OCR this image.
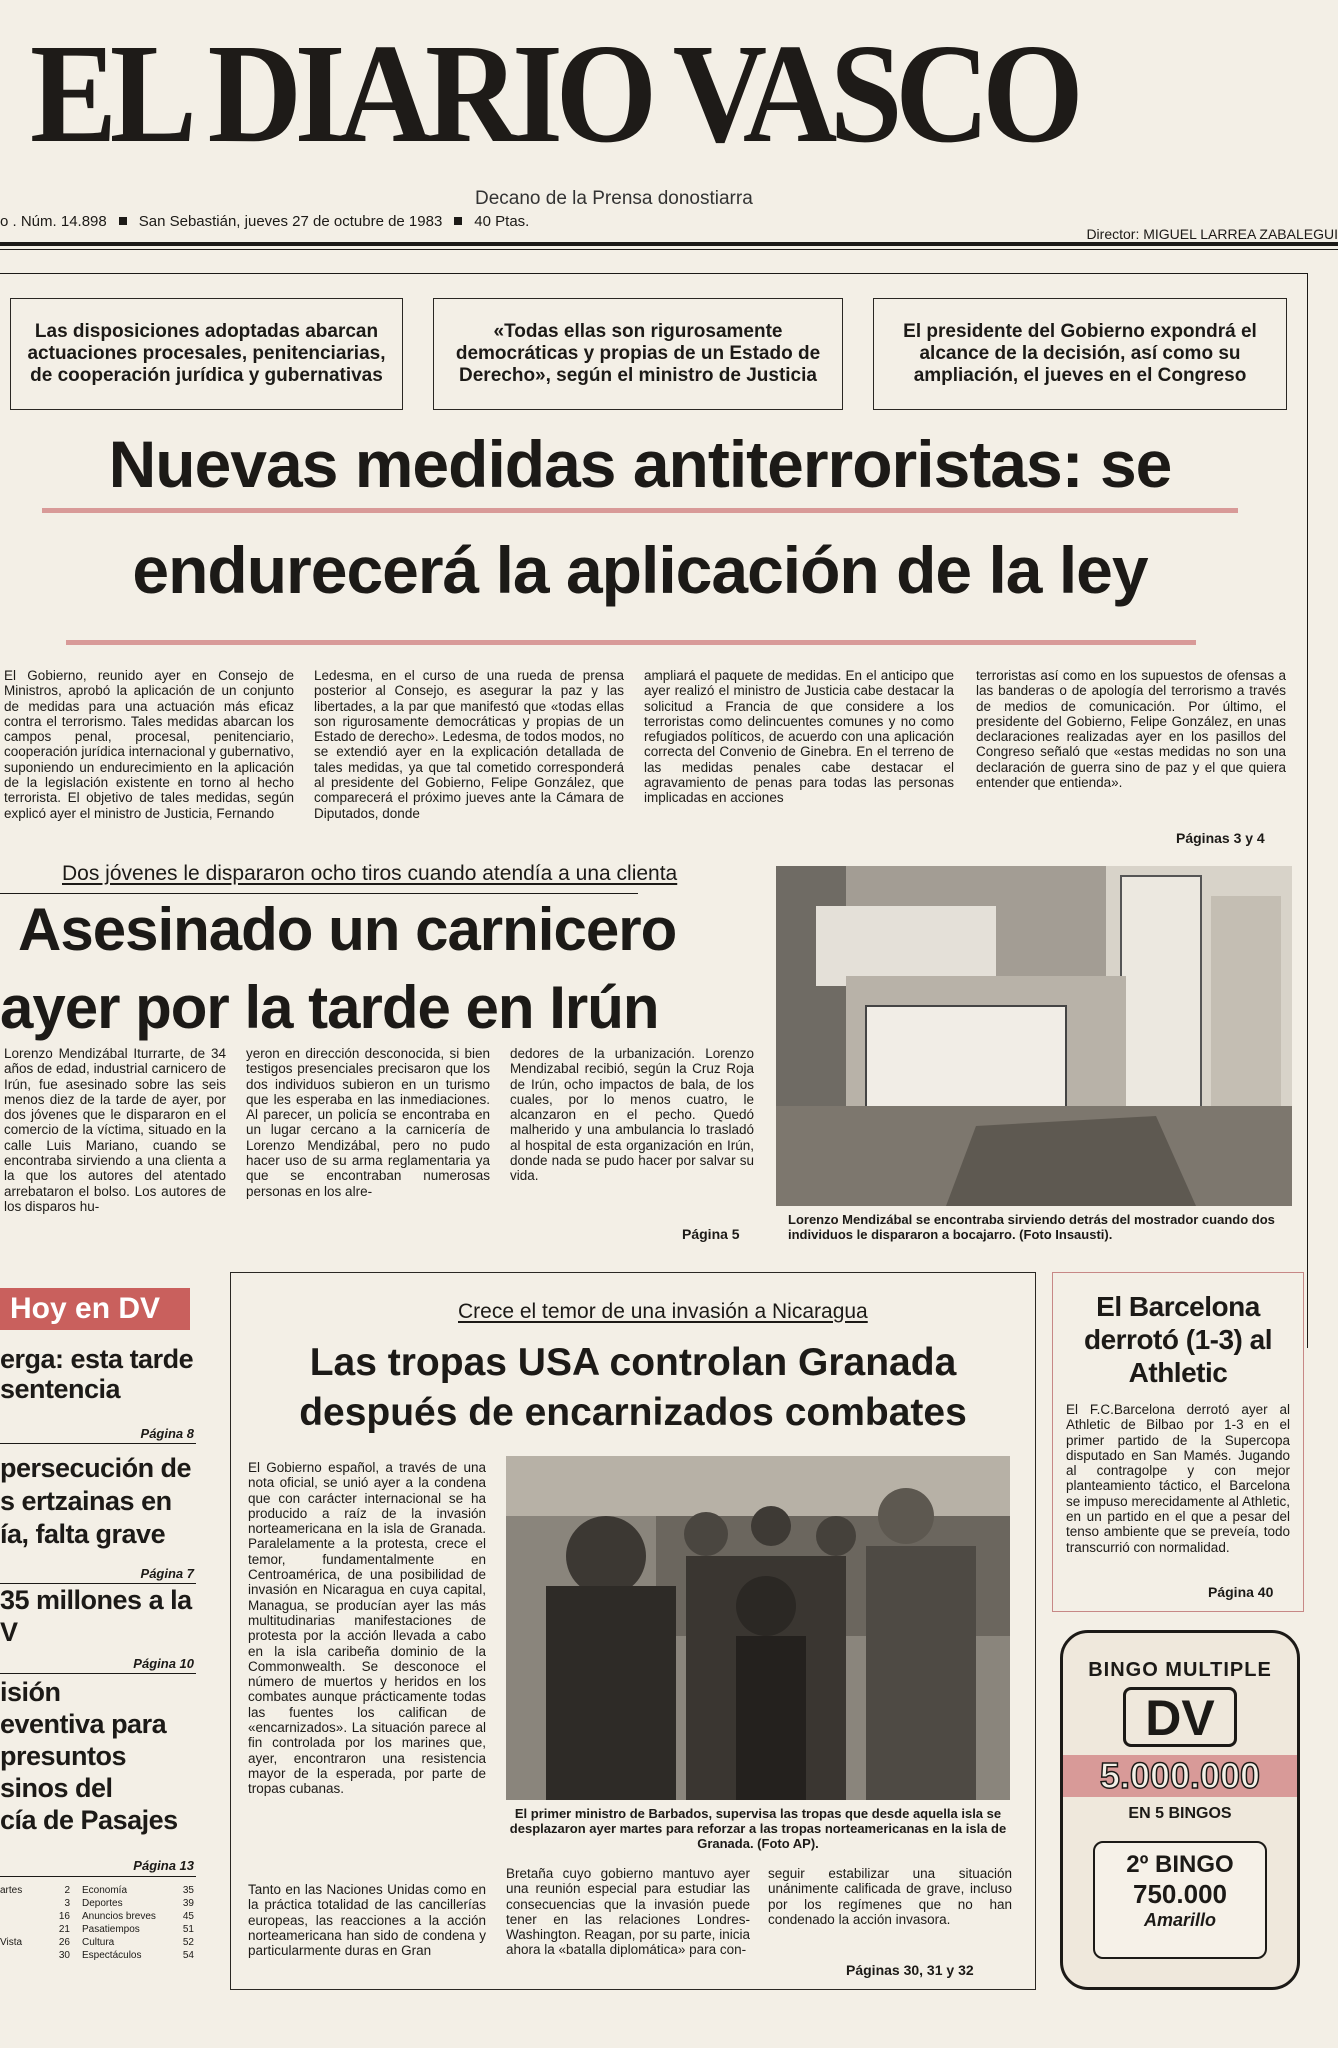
EL DIARIO VASCO
Decano de la Prensa donostiarra
o . Núm. 14.898 San Sebastián, jueves 27 de octubre de 1983 40 Ptas.
Director: MIGUEL LARREA ZABALEGUI
Las disposiciones adoptadas abarcan actuaciones procesales, penitenciarias, de cooperación jurídica y gubernativas
«Todas ellas son rigurosamente democráticas y propias de un Estado de Derecho», según el ministro de Justicia
El presidente del Gobierno expondrá el alcance de la decisión, así como su ampliación, el jueves en el Congreso
Nuevas medidas antiterroristas: se
endurecerá la aplicación de la ley
El Gobierno, reunido ayer en Consejo de Ministros, aprobó la aplicación de un conjunto de medidas para una actuación más eficaz contra el terrorismo. Tales medidas abarcan los campos penal, procesal, penitenciario, cooperación jurídica internacional y gubernativo, suponiendo un endurecimiento en la aplicación de la legislación existente en torno al hecho terrorista. El objetivo de tales medidas, según explicó ayer el ministro de Justicia, Fernando
Ledesma, en el curso de una rueda de prensa posterior al Consejo, es asegurar la paz y las libertades, a la par que manifestó que «todas ellas son rigurosamente democráticas y propias de un Estado de derecho». Ledesma, de todos modos, no se extendió ayer en la explicación detallada de tales medidas, ya que tal cometido corresponderá al presidente del Gobierno, Felipe González, que comparecerá el próximo jueves ante la Cámara de Diputados, donde
ampliará el paquete de medidas. En el anticipo que ayer realizó el ministro de Justicia cabe destacar la solicitud a Francia de que considere a los terroristas como delincuentes comunes y no como refugiados políticos, de acuerdo con una aplicación correcta del Convenio de Ginebra. En el terreno de las medidas penales cabe destacar el agravamiento de penas para todas las personas implicadas en acciones
terroristas así como en los supuestos de ofensas a las banderas o de apología del terrorismo a través de medios de comunicación. Por último, el presidente del Gobierno, Felipe González, en unas declaraciones realizadas ayer en los pasillos del Congreso señaló que «estas medidas no son una declaración de guerra sino de paz y el que quiera entender que entienda».
Páginas 3 y 4
Dos jóvenes le dispararon ocho tiros cuando atendía a una clienta
Asesinado un carnicero
ayer por la tarde en Irún
Lorenzo Mendizábal Iturrarte, de 34 años de edad, industrial carnicero de Irún, fue asesinado sobre las seis menos diez de la tarde de ayer, por dos jóvenes que le dispararon en el comercio de la víctima, situado en la calle Luis Mariano, cuando se encontraba sirviendo a una clienta a la que los autores del atentado arrebataron el bolso. Los autores de los disparos hu-
yeron en dirección desconocida, si bien testigos presenciales precisaron que los dos individuos subieron en un turismo que les esperaba en las inmediaciones. Al parecer, un policía se encontraba en un lugar cercano a la carnicería de Lorenzo Mendizábal, pero no pudo hacer uso de su arma reglamentaria ya que se encontraban numerosas personas en los alre-
dedores de la urbanización. Lorenzo Mendizabal recibió, según la Cruz Roja de Irún, ocho impactos de bala, de los cuales, por lo menos cuatro, le alcanzaron en el pecho. Quedó malherido y una ambulancia lo trasladó al hospital de esta organización en Irún, donde nada se pudo hacer por salvar su vida.
Página 5
Lorenzo Mendizábal se encontraba sirviendo detrás del mostrador cuando dos individuos le dispararon a bocajarro. (Foto Insausti).
Hoy en DV
erga: esta tarde
sentencia
Página 8
persecución de
s ertzainas en
ía, falta grave
Página 7
35 millones a la
V
Página 10
isión
eventiva para
presuntos
sinos del
cía de Pasajes
Página 13
artes	2	Economía	35
3	Deportes	39
16	Anuncios breves	45
21	Pasatiempos	51
Vista	26	Cultura	52
30	Espectáculos	54
Crece el temor de una invasión a Nicaragua
Las tropas USA controlan Granada
después de encarnizados combates
El Gobierno español, a través de una nota oficial, se unió ayer a la condena que con carácter internacional se ha producido a raíz de la invasión norteamericana en la isla de Granada. Paralelamente a la protesta, crece el temor, fundamentalmente en Centroamérica, de una posibilidad de invasión en Nicaragua en cuya capital, Managua, se producían ayer las más multitudinarias manifestaciones de protesta por la acción llevada a cabo en la isla caribeña dominio de la Commonwealth. Se desconoce el número de muertos y heridos en los combates aunque prácticamente todas las fuentes los califican de «encarnizados». La situación parece al fin controlada por los marines que, ayer, encontraron una resistencia mayor de la esperada, por parte de tropas cubanas.
Tanto en las Naciones Unidas como en la práctica totalidad de las cancillerías europeas, las reacciones a la acción norteamericana han sido de condena y particularmente duras en Gran
El primer ministro de Barbados, supervisa las tropas que desde aquella isla se desplazaron ayer martes para reforzar a las tropas norteamericanas en la isla de Granada. (Foto AP).
Bretaña cuyo gobierno mantuvo ayer una reunión especial para estudiar las consecuencias que la invasión puede tener en las relaciones Londres-Washington. Reagan, por su parte, inicia ahora la «batalla diplomática» para con-
seguir estabilizar una situación unánimente calificada de grave, incluso por los regímenes que no han condenado la acción invasora.
Páginas 30, 31 y 32
El Barcelona derrotó (1-3) al Athletic
El F.C.Barcelona derrotó ayer al Athletic de Bilbao por 1-3 en el primer partido de la Supercopa disputado en San Mamés. Jugando al contragolpe y con mejor planteamiento táctico, el Barcelona se impuso merecidamente al Athletic, en un partido en el que a pesar del tenso ambiente que se preveía, todo transcurrió con normalidad.
Página 40
BINGO MULTIPLE
DV
5.000.000
EN 5 BINGOS
2º BINGO
750.000
Amarillo
